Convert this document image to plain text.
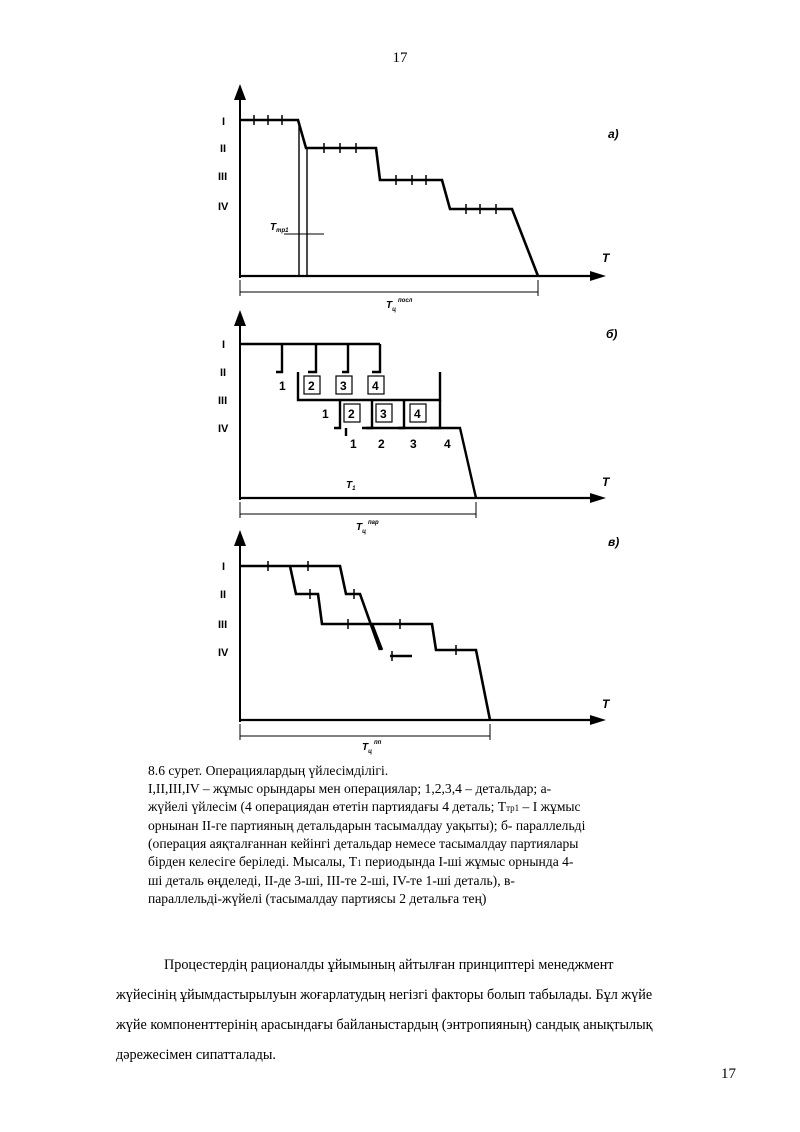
17
I
II
III
IV
а)
T
$T_{тр1}$
$T_ц^{посл}$
I
II
III
IV
б)
T
1 2 3 4
1 2 3 4
1 2 3 4
$T_1$
$T_ц^{пар}$
I
II
III
IV
в)
T
$T_ц^{пп}$
8.6 сурет. Операциялардың үйлесімділігі.
I,II,III,IV – жұмыс орындары мен операциялар; 1,2,3,4 – детальдар; а-
жүйелі үйлесім (4 операциядан өтетін партиядағы 4 деталь; Ттр1 – I жұмыс
орнынан II-ге партияның детальдарын тасымалдау уақыты); б- параллельді
(операция аяқталғаннан кейінгі детальдар немесе тасымалдау партиялары
бірден келесіге беріледі. Мысалы, Т1 периодында I-ші жұмыс орнында 4-
ші деталь өңделеді, II-де 3-ші, III-те 2-ші, IV-те 1-ші деталь), в-
параллельді-жүйелі (тасымалдау партиясы 2 детальға тең)
Процестердің рационалды ұйымының айтылған принциптері менеджмент
жүйесінің ұйымдастырылуын жоғарлатудың негізгі факторы болып табылады. Бұл жүйе
жүйе компоненттерінің арасындағы байланыстардың (энтропияның) сандық анықтылық
дәрежесімен сипатталады.
17
